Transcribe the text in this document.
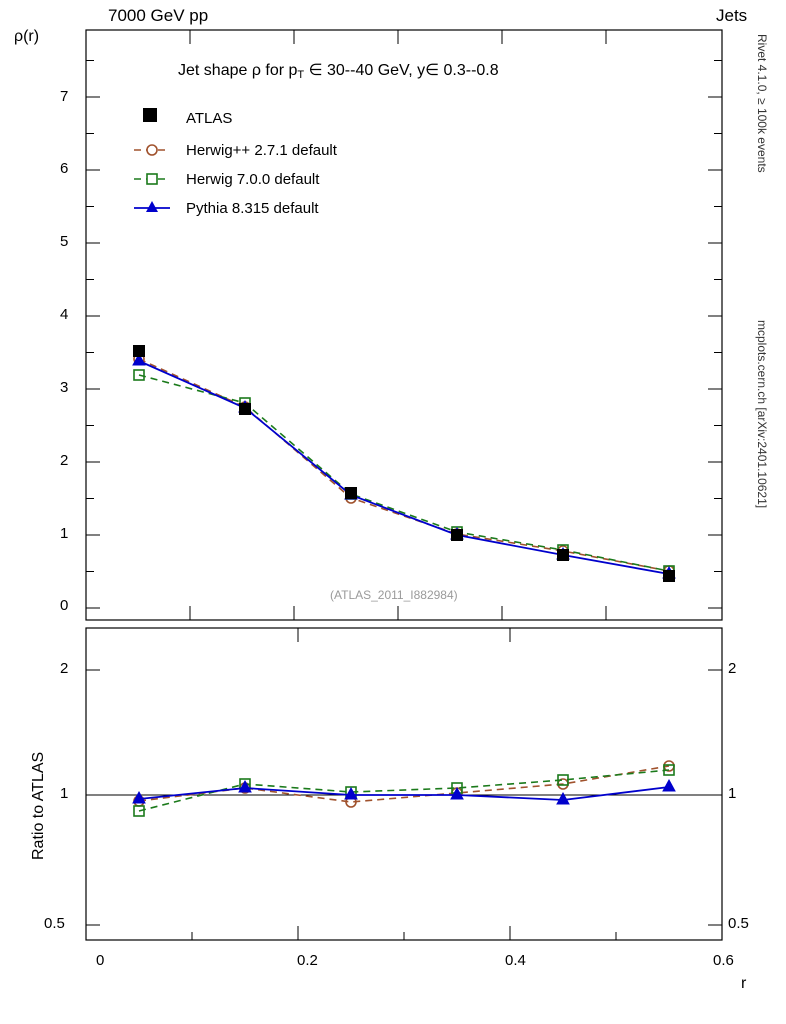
7000 GeV pp	Jets
Rivet 4.1.0, ≥ 100k events
mcplots.cern.ch [arXiv:2401.10621]
ρ(r)
Ratio to ATLAS
r
Jet shape ρ for pT ∈ 30--40 GeV, y∈ 0.3--0.8
(ATLAS_2011_I882984)
7
6
5
4
3
2
1
0
2
1
0.5
2
1
0.5
0	0.2	0.4	0.6
ATLAS
Herwig++ 2.7.1 default
Herwig 7.0.0 default
Pythia 8.315 default
